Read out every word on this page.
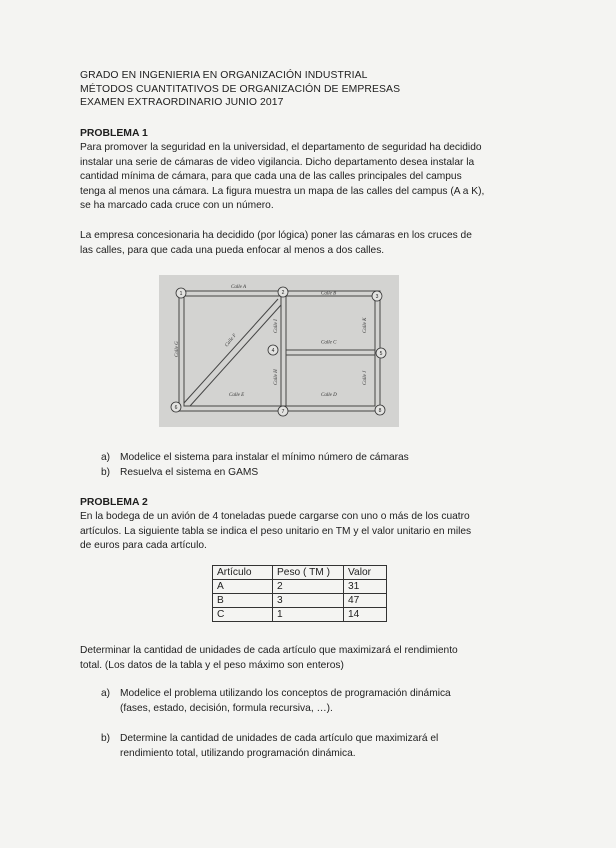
GRADO EN INGENIERIA EN ORGANIZACIÓN INDUSTRIAL
MÉTODOS CUANTITATIVOS DE ORGANIZACIÓN DE EMPRESAS
EXAMEN EXTRAORDINARIO JUNIO 2017
PROBLEMA 1
Para promover la seguridad en la universidad, el departamento de seguridad ha decidido
instalar una serie de cámaras de video vigilancia. Dicho departamento desea instalar la
cantidad mínima de cámara, para que cada una de las calles principales del campus
tenga al menos una cámara. La figura muestra un mapa de las calles del campus (A a K),
se ha marcado cada cruce con un número.
La empresa concesionaria ha decidido (por lógica) poner las cámaras en los cruces de
las calles, para que cada una pueda enfocar al menos a dos calles.
Calle A
Calle B
Calle C
Calle D
Calle E
Calle F
Calle G
Calle H
Calle I
Calle J
Calle K
1	2
3
4	5
6
7	8
a) Modelice el sistema para instalar el mínimo número de cámaras
b) Resuelva el sistema en GAMS
PROBLEMA 2
En la bodega de un avión de 4 toneladas puede cargarse con uno o más de los cuatro
artículos. La siguiente tabla se indica el peso unitario en TM y el valor unitario en miles
de euros para cada artículo.
Artículo	Peso ( TM )	Valor
A	2	31
B	3	47
C	1	14
Determinar la cantidad de unidades de cada artículo que maximizará el rendimiento
total. (Los datos de la tabla y el peso máximo son enteros)
a) Modelice el problema utilizando los conceptos de programación dinámica
(fases, estado, decisión, formula recursiva, …).
b) Determine la cantidad de unidades de cada artículo que maximizará el
rendimiento total, utilizando programación dinámica.
